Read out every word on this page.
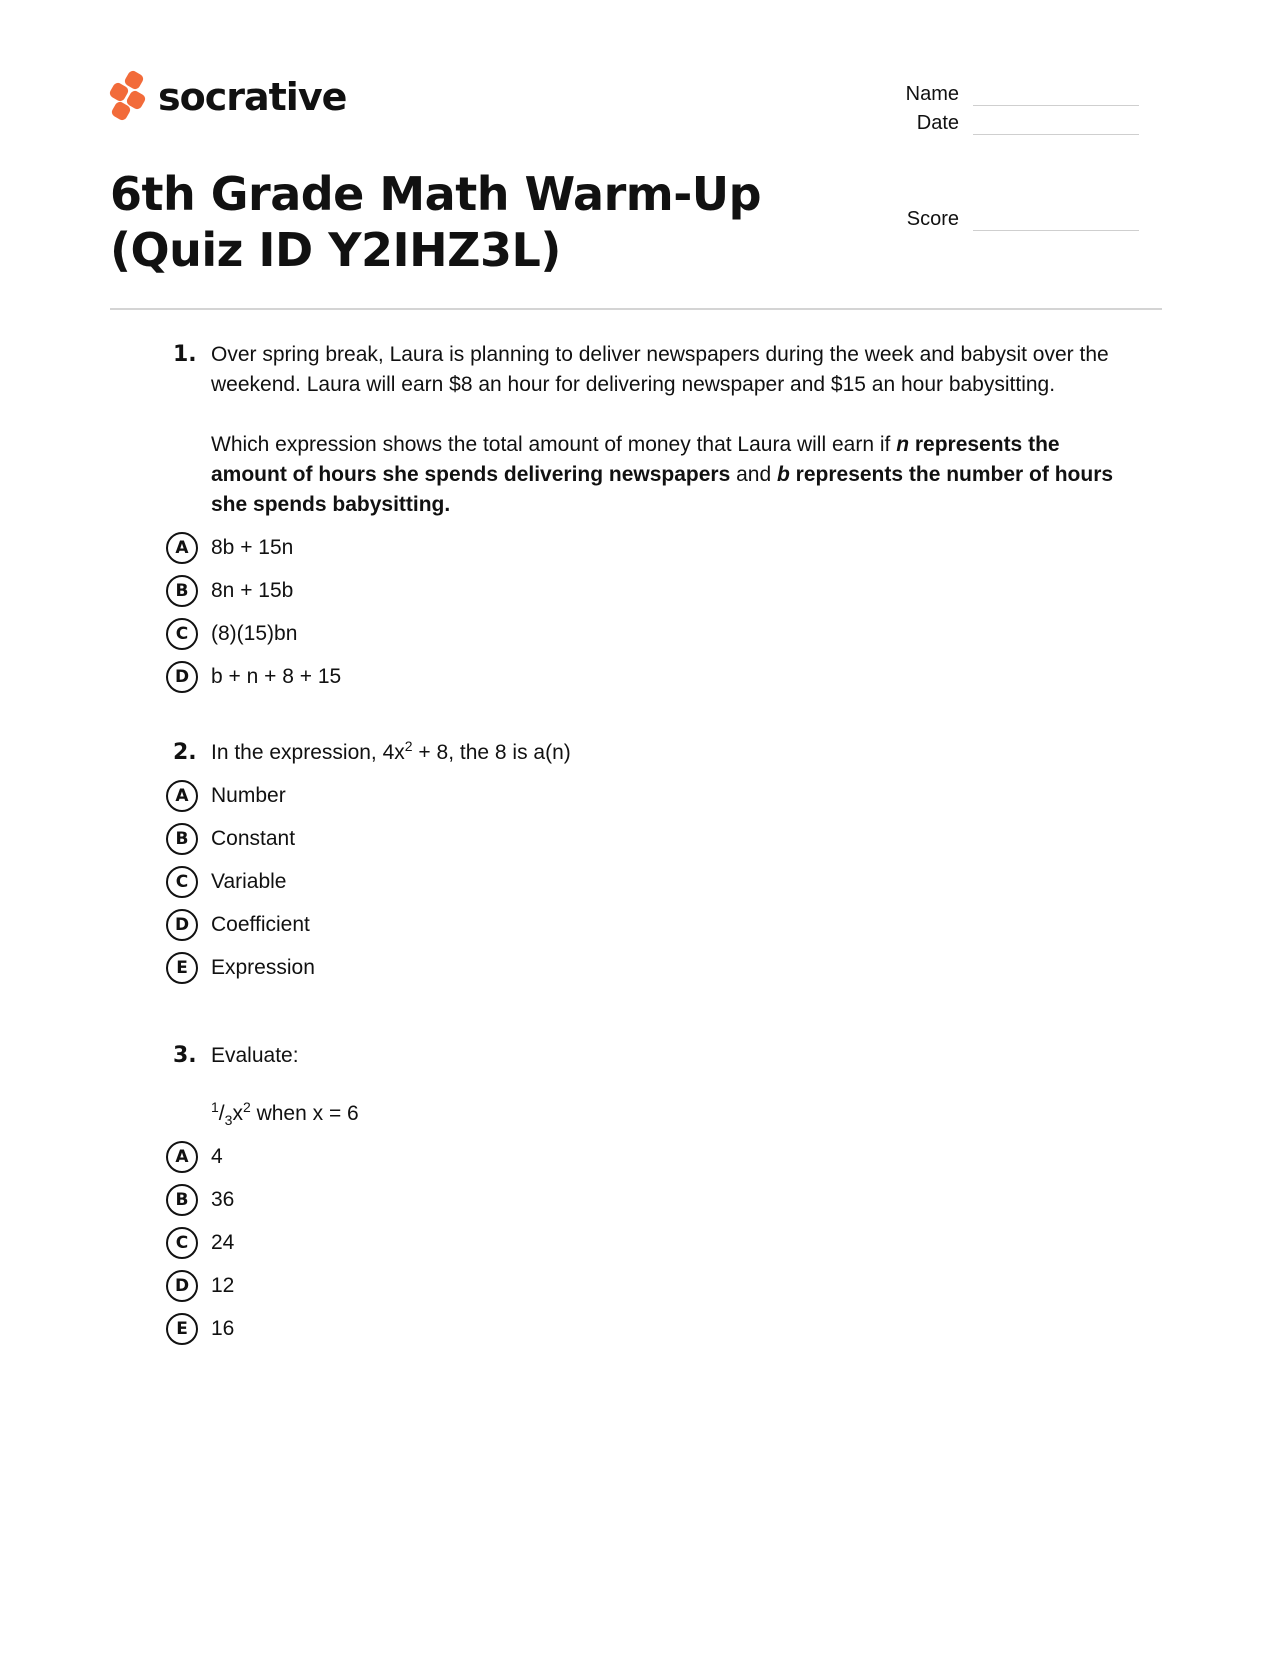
socrative	Name
Date
Score
6th Grade Math Warm-Up (Quiz ID Y2IHZ3L)
1. Over spring break, Laura is planning to deliver newspapers during the week and babysit over the weekend. Laura will earn $8 an hour for delivering newspaper and $15 an hour babysitting.

Which expression shows the total amount of money that Laura will earn if n represents the amount of hours she spends delivering newspapers and b represents the number of hours she spends babysitting.

A	8b + 15n
B	8n + 15b
C	(8)(15)bn
D	b + n + 8 + 15
2. In the expression, $4x^2 + 8$, the 8 is a(n)
A	Number
B	Constant
C	Variable
D	Coefficient
E	Expression
3. Evaluate:

$^1/_3x^2$ when x = 6

A	4
B	36
C	24
D	12
E	16
